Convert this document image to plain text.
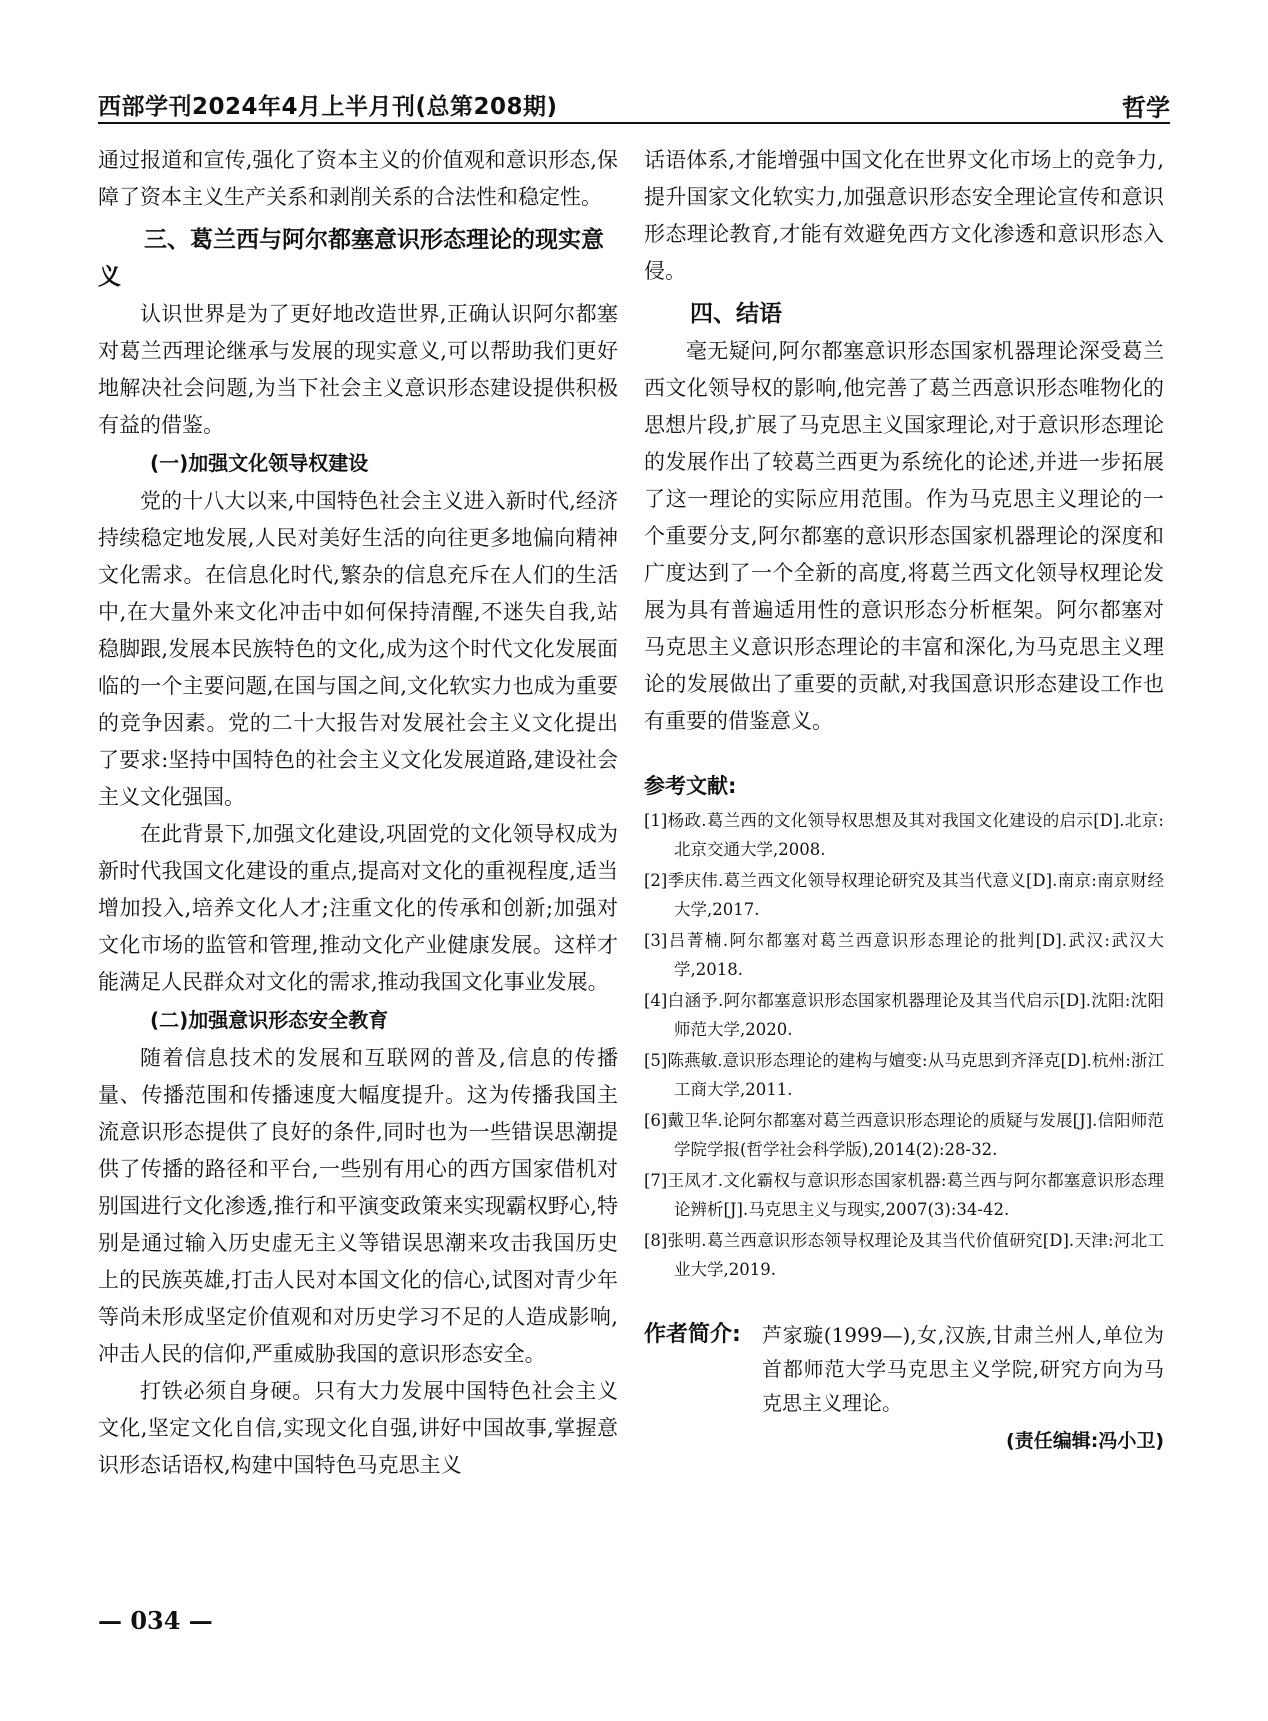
西部学刊2024年4月上半月刊(总第208期)	哲学

通过报道和宣传,强化了资本主义的价值观和意识形态,保障了资本主义生产关系和剥削关系的合法性和稳定性。

三、葛兰西与阿尔都塞意识形态理论的现实意义

认识世界是为了更好地改造世界,正确认识阿尔都塞对葛兰西理论继承与发展的现实意义,可以帮助我们更好地解决社会问题,为当下社会主义意识形态建设提供积极有益的借鉴。

(一)加强文化领导权建设

党的十八大以来,中国特色社会主义进入新时代,经济持续稳定地发展,人民对美好生活的向往更多地偏向精神文化需求。在信息化时代,繁杂的信息充斥在人们的生活中,在大量外来文化冲击中如何保持清醒,不迷失自我,站稳脚跟,发展本民族特色的文化,成为这个时代文化发展面临的一个主要问题,在国与国之间,文化软实力也成为重要的竞争因素。党的二十大报告对发展社会主义文化提出了要求:坚持中国特色的社会主义文化发展道路,建设社会主义文化强国。

在此背景下,加强文化建设,巩固党的文化领导权成为新时代我国文化建设的重点,提高对文化的重视程度,适当增加投入,培养文化人才;注重文化的传承和创新;加强对文化市场的监管和管理,推动文化产业健康发展。这样才能满足人民群众对文化的需求,推动我国文化事业发展。

(二)加强意识形态安全教育

随着信息技术的发展和互联网的普及,信息的传播量、传播范围和传播速度大幅度提升。这为传播我国主流意识形态提供了良好的条件,同时也为一些错误思潮提供了传播的路径和平台,一些别有用心的西方国家借机对别国进行文化渗透,推行和平演变政策来实现霸权野心,特别是通过输入历史虚无主义等错误思潮来攻击我国历史上的民族英雄,打击人民对本国文化的信心,试图对青少年等尚未形成坚定价值观和对历史学习不足的人造成影响,冲击人民的信仰,严重威胁我国的意识形态安全。

打铁必须自身硬。只有大力发展中国特色社会主义文化,坚定文化自信,实现文化自强,讲好中国故事,掌握意识形态话语权,构建中国特色马克思主义

话语体系,才能增强中国文化在世界文化市场上的竞争力,提升国家文化软实力,加强意识形态安全理论宣传和意识形态理论教育,才能有效避免西方文化渗透和意识形态入侵。

四、结语

毫无疑问,阿尔都塞意识形态国家机器理论深受葛兰西文化领导权的影响,他完善了葛兰西意识形态唯物化的思想片段,扩展了马克思主义国家理论,对于意识形态理论的发展作出了较葛兰西更为系统化的论述,并进一步拓展了这一理论的实际应用范围。作为马克思主义理论的一个重要分支,阿尔都塞的意识形态国家机器理论的深度和广度达到了一个全新的高度,将葛兰西文化领导权理论发展为具有普遍适用性的意识形态分析框架。阿尔都塞对马克思主义意识形态理论的丰富和深化,为马克思主义理论的发展做出了重要的贡献,对我国意识形态建设工作也有重要的借鉴意义。

参考文献:
[1]杨政.葛兰西的文化领导权思想及其对我国文化建设的启示[D].北京:北京交通大学,2008.
[2]季庆伟.葛兰西文化领导权理论研究及其当代意义[D].南京:南京财经大学,2017.
[3]吕菁楠.阿尔都塞对葛兰西意识形态理论的批判[D].武汉:武汉大学,2018.
[4]白涵予.阿尔都塞意识形态国家机器理论及其当代启示[D].沈阳:沈阳师范大学,2020.
[5]陈燕敏.意识形态理论的建构与嬗变:从马克思到齐泽克[D].杭州:浙江工商大学,2011.
[6]戴卫华.论阿尔都塞对葛兰西意识形态理论的质疑与发展[J].信阳师范学院学报(哲学社会科学版),2014(2):28-32.
[7]王凤才.文化霸权与意识形态国家机器:葛兰西与阿尔都塞意识形态理论辨析[J].马克思主义与现实,2007(3):34-42.
[8]张明.葛兰西意识形态领导权理论及其当代价值研究[D].天津:河北工业大学,2019.
作者简介:	芦家璇(1999—),女,汉族,甘肃兰州人,单位为首都师范大学马克思主义学院,研究方向为马克思主义理论。
(责任编辑:冯小卫)
— 034 —
